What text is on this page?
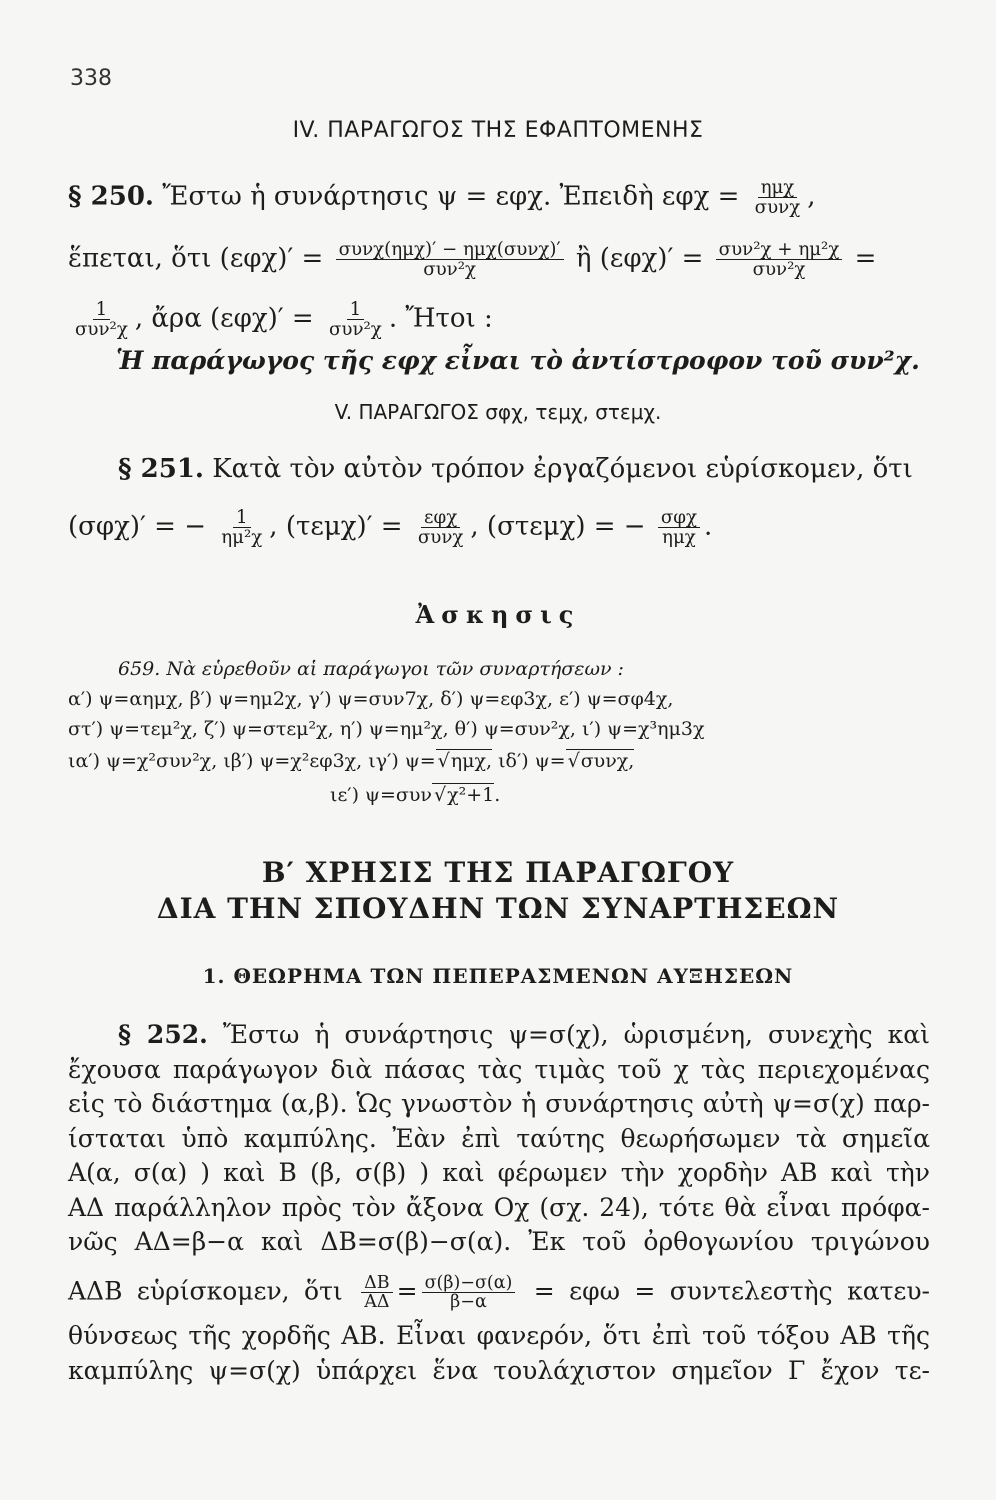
338
IV. ΠΑΡΑΓΩΓΟΣ ΤΗΣ ΕΦΑΠΤΟΜΕΝΗΣ
§ 250. Ἔστω ἡ συνάρτησις ψ = εφχ. Ἐπειδὴ $\varepsilon\varphi\chi = \frac{\text{ημχ}}{\text{συνχ}}$ ,
ἕπεται, ὅτι $(\varepsilon\varphi\chi)' = \frac{\text{συνχ(ημχ)′ − ημχ(συνχ)′}}{\text{συν²χ}}$ ἢ $(\varepsilon\varphi\chi)' = \frac{\text{συν²χ + ημ²χ}}{\text{συν²χ}}$ =
$\frac{1}{\text{συν²χ}}$ , ἄρα $(\varepsilon\varphi\chi)' = \frac{1}{\text{συν²χ}}$ . Ἤτοι :
Ἡ παράγωγος τῆς εφχ εἶναι τὸ ἀντίστροφον τοῦ συν²χ.
V. ΠΑΡΑΓΩΓΟΣ σφχ, τεμχ, στεμχ.
§ 251. Κατὰ τὸν αὐτὸν τρόπον ἐργαζόμενοι εὑρίσκομεν, ὅτι
(σφχ)′ = − $\frac{1}{\text{ημ²χ}}$ , $(\tau\varepsilon\mu\chi)' = \frac{\text{εφχ}}{\text{συνχ}}$ , (στεμχ) = − $\frac{\text{σφχ}}{\text{ημχ}}$ .
Ἀσκησις
659. Νὰ εὑρεθοῦν αἱ παράγωγοι τῶν συναρτήσεων :
α′) ψ=αημχ, β′) ψ=ημ2χ, γ′) ψ=συν7χ, δ′) ψ=εφ3χ, ε′) ψ=σφ4χ,
στ′) ψ=τεμ²χ, ζ′) ψ=στεμ²χ, η′) ψ=ημ²χ, θ′) ψ=συν²χ, ι′) ψ=χ³ημ3χ
ια′) ψ=χ²συν²χ, ιβ′) ψ=χ²εφ3χ, ιγ′) ψ= √ ημχ, ιδ′) ψ= √ συνχ,
ιε′) ψ=συν √ χ²+1.
Β′ ΧΡΗΣΙΣ ΤΗΣ ΠΑΡΑΓΩΓΟΥ
ΔΙΑ ΤΗΝ ΣΠΟΥΔΗΝ ΤΩΝ ΣΥΝΑΡΤΗΣΕΩΝ
1. ΘΕΩΡΗΜΑ ΤΩΝ ΠΕΠΕΡΑΣΜΕΝΩΝ ΑΥΞΗΣΕΩΝ
§ 252. Ἔστω ἡ συνάρτησις ψ=σ(χ), ὡρισμένη, συνεχὴς καὶ
ἔχουσα παράγωγον διὰ πάσας τὰς τιμὰς τοῦ χ τὰς περιεχομένας
εἰς τὸ διάστημα (α,β). Ὡς γνωστὸν ἡ συνάρτησις αὐτὴ ψ=σ(χ) παρ-
ίσταται ὑπὸ καμπύλης. Ἐὰν ἐπὶ ταύτης θεωρήσωμεν τὰ σημεῖα
Α(α, σ(α) ) καὶ Β (β, σ(β) ) καὶ φέρωμεν τὴν χορδὴν ΑΒ καὶ τὴν
ΑΔ παράλληλον πρὸς τὸν ἄξονα Οχ (σχ. 24), τότε θὰ εἶναι πρόφα-
νῶς ΑΔ=β−α καὶ ΔΒ=σ(β)−σ(α). Ἐκ τοῦ ὀρθογωνίου τριγώνου
ΑΔΒ εὑρίσκομεν, ὅτι $\frac{\Delta B}{A\Delta} = \frac{\sigma(\beta)-\sigma(\alpha)}{\beta-\alpha} = \varepsilon\varphi\omega$ = συντελεστὴς κατευ-
θύνσεως τῆς χορδῆς ΑΒ. Εἶναι φανερόν, ὅτι ἐπὶ τοῦ τόξου ΑΒ τῆς
καμπύλης ψ=σ(χ) ὑπάρχει ἕνα τουλάχιστον σημεῖον Γ ἔχον τε-
